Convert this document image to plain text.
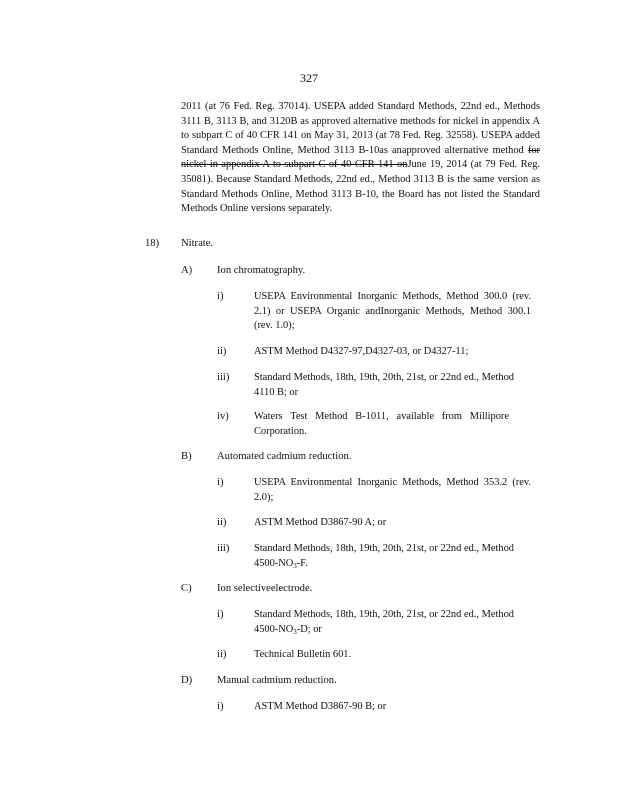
327
2011 (at 76 Fed. Reg. 37014). USEPA added Standard Methods, 22nd ed., Methods 3111 B, 3113 B, and 3120B as approved alternative methods for nickel in appendix A to subpart C of 40 CFR 141 on May 31, 2013 (at 78 Fed. Reg. 32558). USEPA added Standard Methods Online, Method 3113 B-10as anapproved alternative method for nickel in appendix A to subpart C of 40 CFR 141 onJune 19, 2014 (at 79 Fed. Reg. 35081). Because Standard Methods, 22nd ed., Method 3113 B is the same version as Standard Methods Online, Method 3113 B-10, the Board has not listed the Standard Methods Online versions separately.
18) Nitrate.
A) Ion chromatography.
i)	USEPA Environmental Inorganic Methods, Method 300.0 (rev. 2.1) or USEPA Organic andInorganic Methods, Method 300.1 (rev. 1.0);
ii)	ASTM Method D4327-97,D4327-03, or D4327-11;
iii) Standard Methods, 18th, 19th, 20th, 21st, or 22nd ed., Method 4110 B; or
iv) Waters Test Method B-1011, available from Millipore Corporation.
B) Automated cadmium reduction.
i)	USEPA Environmental Inorganic Methods, Method 353.2 (rev. 2.0);
ii)	ASTM Method D3867-90 A; or
iii) Standard Methods, 18th, 19th, 20th, 21st, or 22nd ed., Method $4500-NO_3-F$.
C) Ion selectiveelectrode.
i)	Standard Methods, 18th, 19th, 20th, 21st, or 22nd ed., Method $4500-NO_3-D$; or
ii)	Technical Bulletin 601.
D) Manual cadmium reduction.
i)	ASTM Method D3867-90 B; or
